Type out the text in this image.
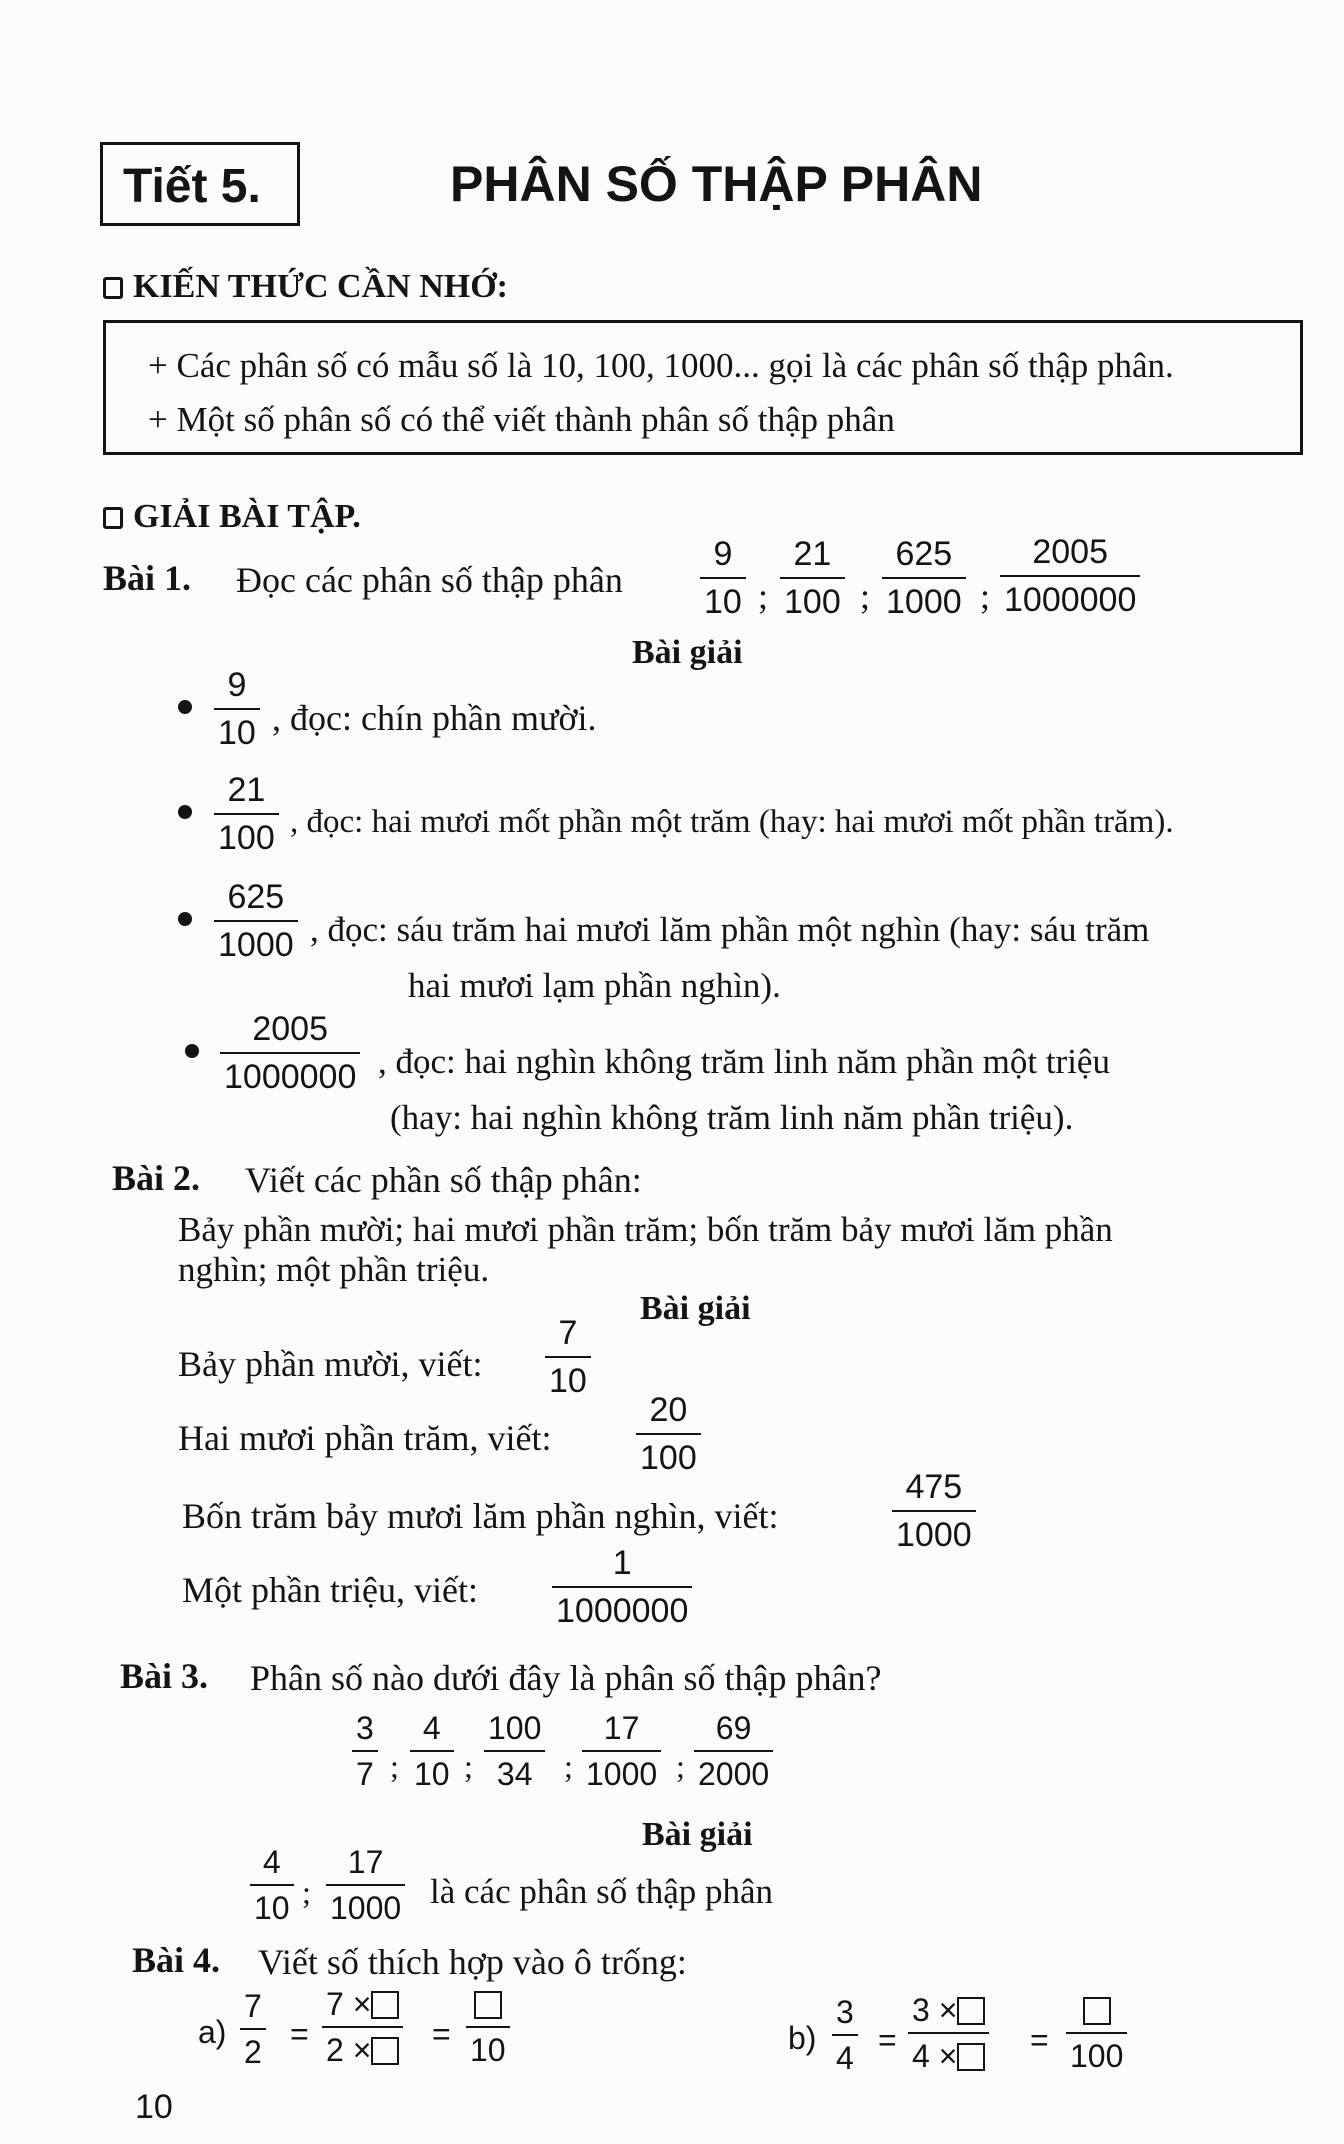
Tiết 5.	PHÂN SỐ THẬP PHÂN
KIẾN THỨC CẦN NHỚ:
+ Các phân số có mẫu số là 10, 100, 1000... gọi là các phân số thập phân.
+ Một số phân số có thể viết thành phân số thập phân
GIẢI BÀI TẬP.
Bài 1. Đọc các phân số thập phân
9
10 ;
21
100 ;
625
1000 ;
2005
1000000
Bài giải
9
10 , đọc: chín phần mười.
21
100 , đọc: hai mươi mốt phần một trăm (hay: hai mươi mốt phần trăm).
625
1000 , đọc: sáu trăm hai mươi lăm phần một nghìn (hay: sáu trăm
hai mươi lạm phần nghìn).
2005
1000000 , đọc: hai nghìn không trăm linh năm phần một triệu
(hay: hai nghìn không trăm linh năm phần triệu).
Bài 2. Viết các phần số thập phân:
Bảy phần mười; hai mươi phần trăm; bốn trăm bảy mươi lăm phần
nghìn; một phần triệu.
Bài giải
Bảy phần mười, viết:
7
10
Hai mươi phần trăm, viết:
20
100
Bốn trăm bảy mươi lăm phần nghìn, viết:
475
1000
Một phần triệu, viết:
1
1000000
Bài 3. Phân số nào dưới đây là phân số thập phân?
3
7 ;
4
10 ;
100
34 ;
17
1000 ;
69
2000
Bài giải
4
10 ;
17
1000 là các phân số thập phân
Bài 4. Viết số thích hợp vào ô trống:
a)
7
2 =
7 ×
2 ×	= 10	b)
3
4 =
3 ×
4 ×	= 100
10
